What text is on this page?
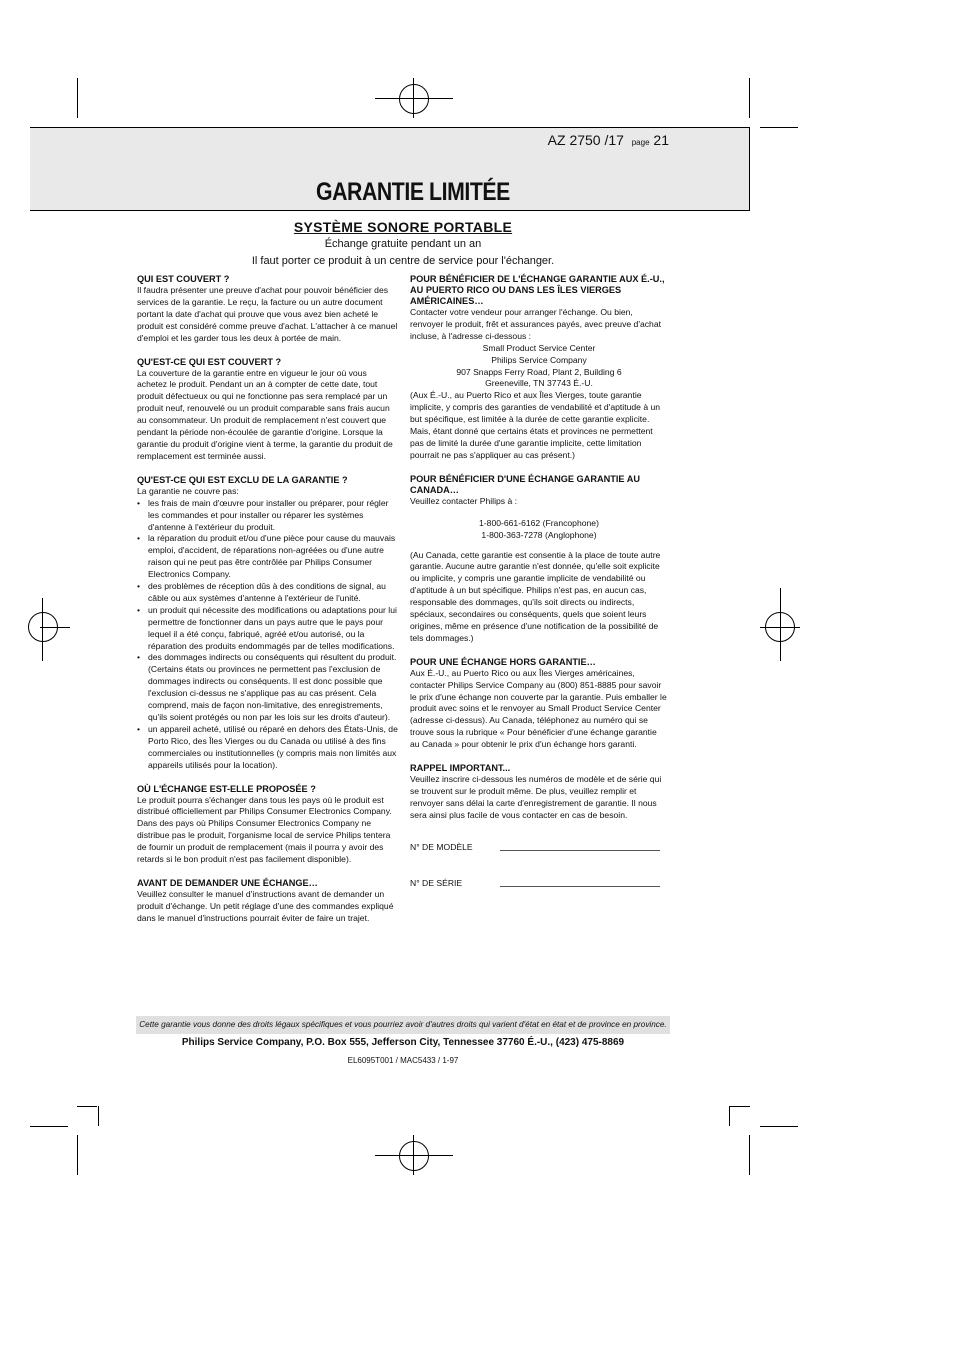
AZ 2750 /17 page 21
GARANTIE LIMITÉE
SYSTÈME SONORE PORTABLE
Échange gratuite pendant un an
Il faut porter ce produit à un centre de service pour l'échanger.
QUI EST COUVERT ?
Il faudra présenter une preuve d'achat pour pouvoir bénéficier des services de la garantie. Le reçu, la facture ou un autre document portant la date d'achat qui prouve que vous avez bien acheté le produit est considéré comme preuve d'achat. L'attacher à ce manuel d'emploi et les garder tous les deux à portée de main.
QU'EST-CE QUI EST COUVERT ?
La couverture de la garantie entre en vigueur le jour où vous achetez le produit. Pendant un an à compter de cette date, tout produit défectueux ou qui ne fonctionne pas sera remplacé par un produit neuf, renouvelé ou un produit comparable sans frais aucun au consommateur. Un produit de remplacement n'est couvert que pendant la période non-écoulée de garantie d'origine. Lorsque la garantie du produit d'origine vient à terme, la garantie du produit de remplacement est terminée aussi.
QU'EST-CE QUI EST EXCLU DE LA GARANTIE ?
La garantie ne couvre pas:
• les frais de main d'œuvre pour installer ou préparer, pour régler les commandes et pour installer ou réparer les systèmes d'antenne à l'extérieur du produit.
• la réparation du produit et/ou d'une pièce pour cause du mauvais emploi, d'accident, de réparations non-agréées ou d'une autre raison qui ne peut pas être contrôlée par Philips Consumer Electronics Company.
• des problèmes de réception dûs à des conditions de signal, au câble ou aux systèmes d'antenne à l'extérieur de l'unité.
• un produit qui nécessite des modifications ou adaptations pour lui permettre de fonctionner dans un pays autre que le pays pour lequel il a été conçu, fabriqué, agréé et/ou autorisé, ou la réparation des produits endommagés par de telles modifications.
• des dommages indirects ou conséquents qui résultent du produit. (Certains états ou provinces ne permettent pas l'exclusion de dommages indirects ou conséquents. Il est donc possible que l'exclusion ci-dessus ne s'applique pas au cas présent. Cela comprend, mais de façon non-limitative, des enregistrements, qu'ils soient protégés ou non par les lois sur les droits d'auteur).
• un appareil acheté, utilisé ou réparé en dehors des États-Unis, de Porto Rico, des Îles Vierges ou du Canada ou utilisé à des fins commerciales ou institutionnelles (y compris mais non limités aux appareils utilisés pour la location).
OÙ L'ÉCHANGE EST-ELLE PROPOSÉE ?
Le produit pourra s'échanger dans tous les pays où le produit est distribué officiellement par Philips Consumer Electronics Company. Dans des pays où Philips Consumer Electronics Company ne distribue pas le produit, l'organisme local de service Philips tentera de fournir un produit de remplacement (mais il pourra y avoir des retards si le bon produit n'est pas facilement disponible).
AVANT DE DEMANDER UNE ÉCHANGE…
Veuillez consulter le manuel d'instructions avant de demander un produit d'échange. Un petit réglage d'une des commandes expliqué dans le manuel d'instructions pourrait éviter de faire un trajet.
POUR BÉNÉFICIER DE L'ÉCHANGE GARANTIE AUX É.-U., AU PUERTO RICO OU DANS LES ÎLES VIERGES AMÉRICAINES…
Contacter votre vendeur pour arranger l'échange. Ou bien, renvoyer le produit, frêt et assurances payés, avec preuve d'achat incluse, à l'adresse ci-dessous :
Small Product Service Center
Philips Service Company
907 Snapps Ferry Road, Plant 2, Building 6
Greeneville, TN 37743 É.-U.
(Aux É.-U., au Puerto Rico et aux Îles Vierges, toute garantie implicite, y compris des garanties de vendabilité et d'aptitude à un but spécifique, est limitée à la durée de cette garantie explicite. Mais, étant donné que certains états et provinces ne permettent pas de limité la durée d'une garantie implicite, cette limitation pourrait ne pas s'appliquer au cas présent.)
POUR BÉNÉFICIER D'UNE ÉCHANGE GARANTIE AU CANADA…
Veuillez contacter Philips à :
1-800-661-6162 (Francophone)
1-800-363-7278 (Anglophone)
(Au Canada, cette garantie est consentie à la place de toute autre garantie. Aucune autre garantie n'est donnée, qu'elle soit explicite ou implicite, y compris une garantie implicite de vendabilité ou d'aptitude à un but spécifique. Philips n'est pas, en aucun cas, responsable des dommages, qu'ils soit directs ou indirects, spéciaux, secondaires ou conséquents, quels que soient leurs origines, même en présence d'une notification de la possibilité de tels dommages.)
POUR UNE ÉCHANGE HORS GARANTIE…
Aux É.-U., au Puerto Rico ou aux Îles Vierges américaines, contacter Philips Service Company au (800) 851-8885 pour savoir le prix d'une échange non couverte par la garantie. Puis emballer le produit avec soins et le renvoyer au Small Product Service Center (adresse ci-dessus). Au Canada, téléphonez au numéro qui se trouve sous la rubrique « Pour bénéficier d'une échange garantie au Canada » pour obtenir le prix d'un échange hors garanti.
RAPPEL IMPORTANT...
Veuillez inscrire ci-dessous les numéros de modèle et de série qui se trouvent sur le produit même. De plus, veuillez remplir et renvoyer sans délai la carte d'enregistrement de garantie. Il nous sera ainsi plus facile de vous contacter en cas de besoin.
N° DE MODÈLE
N° DE SÉRIE
Cette garantie vous donne des droits légaux spécifiques et vous pourriez avoir d'autres droits qui varient d'état en état et de province en province.
Philips Service Company, P.O. Box 555, Jefferson City, Tennessee 37760 É.-U., (423) 475-8869
EL6095T001 / MAC5433 / 1-97
